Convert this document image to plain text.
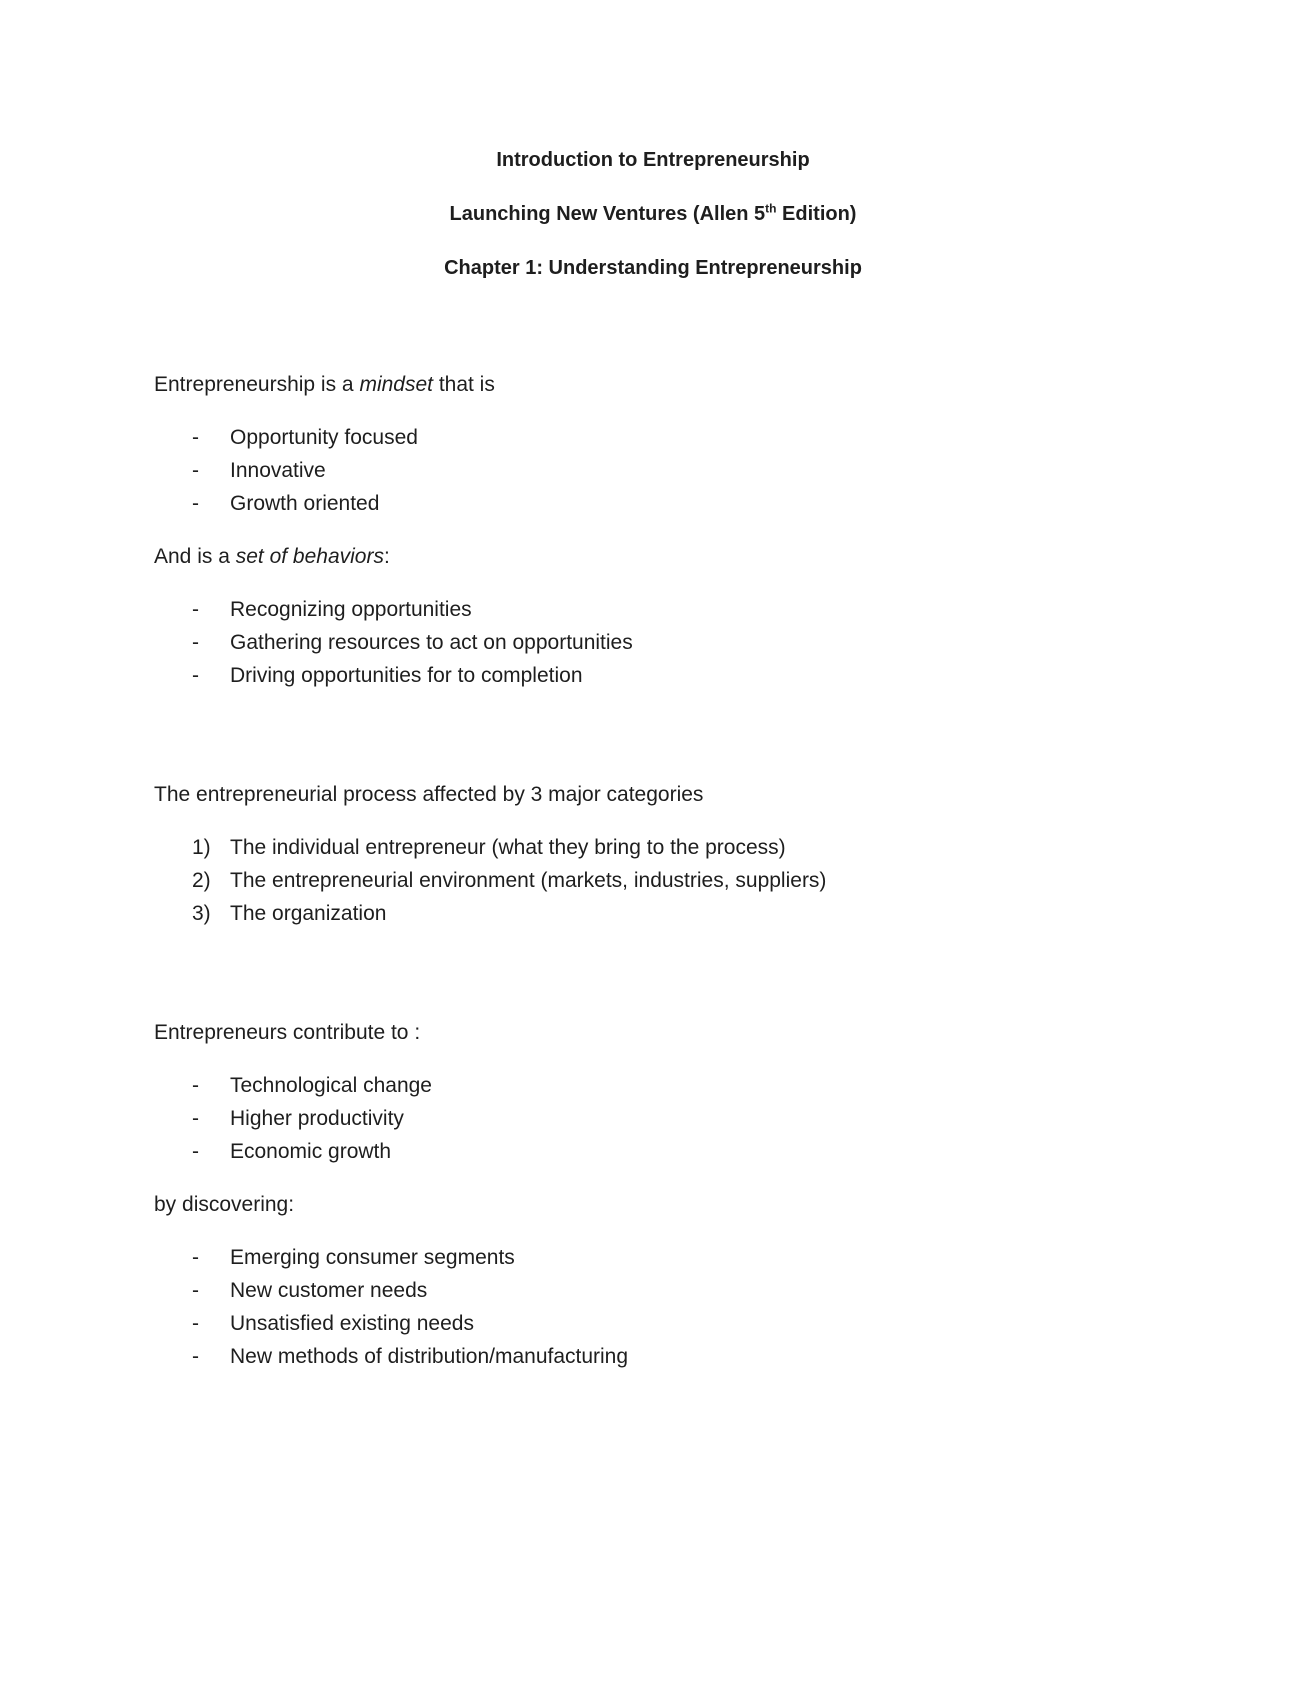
Introduction to Entrepreneurship
Launching New Ventures (Allen 5th Edition)
Chapter 1: Understanding Entrepreneurship

Entrepreneurship is a mindset that is

- Opportunity focused
- Innovative
- Growth oriented

And is a set of behaviors:

- Recognizing opportunities
- Gathering resources to act on opportunities
- Driving opportunities for to completion

The entrepreneurial process affected by 3 major categories

1) The individual entrepreneur (what they bring to the process)
2) The entrepreneurial environment (markets, industries, suppliers)
3) The organization

Entrepreneurs contribute to :

- Technological change
- Higher productivity
- Economic growth

by discovering:

- Emerging consumer segments
- New customer needs
- Unsatisfied existing needs
- New methods of distribution/manufacturing
